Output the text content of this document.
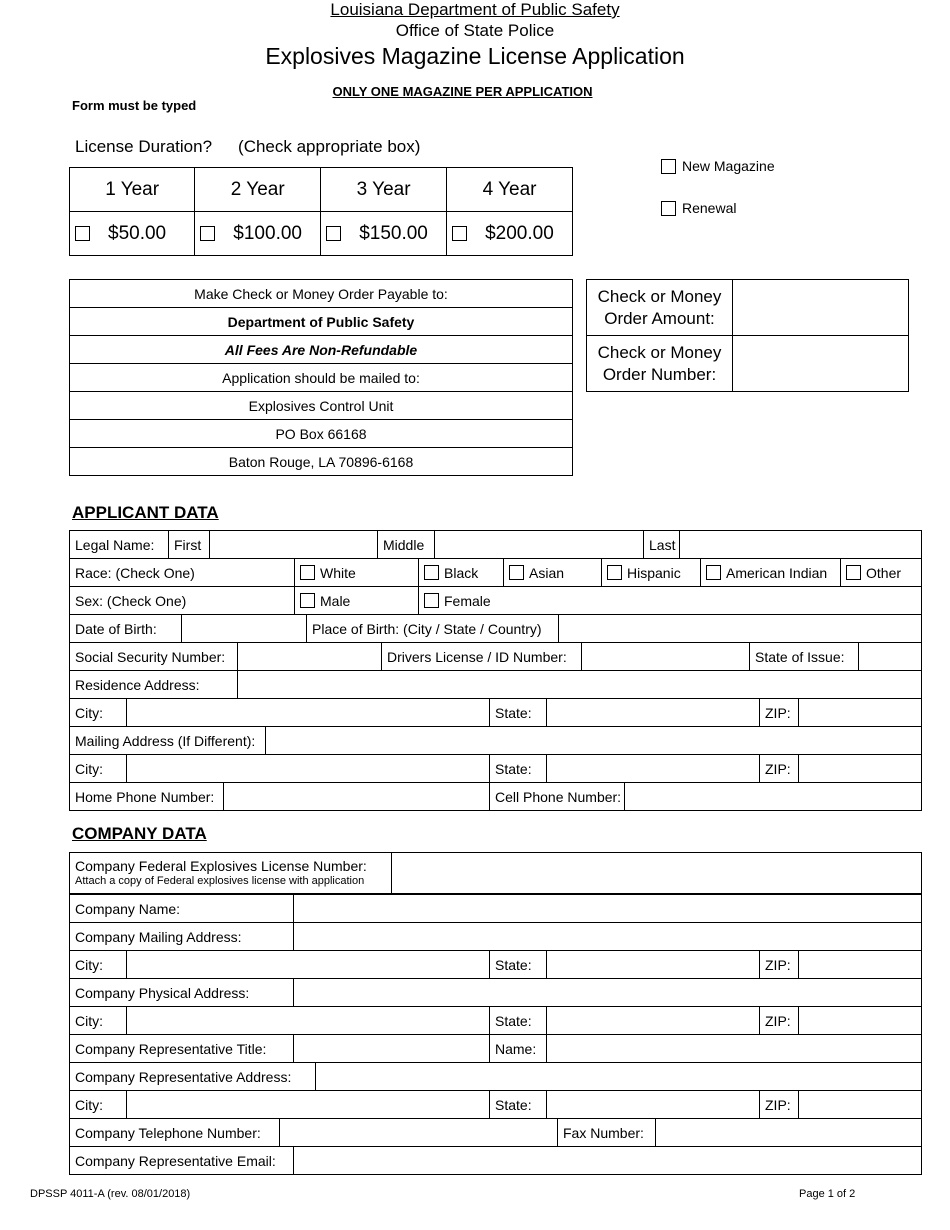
Louisiana Department of Public Safety
Office of State Police
Explosives Magazine License Application
ONLY ONE MAGAZINE PER APPLICATION
Form must be typed
License Duration? (Check appropriate box)
1 Year	2 Year	3 Year	4 Year

$50.00	$100.00	$150.00	$200.00
New Magazine
Renewal
Make Check or Money Order Payable to:
Department of Public Safety
All Fees Are Non-Refundable
Application should be mailed to:
Explosives Control Unit
PO Box 66168
Baton Rouge, LA 70896-6168
Check or Money Order Amount:	
Check or Money Order Number:	
APPLICANT DATA
Legal Name:	First		Middle		Last	
Race: (Check One)	White	Black	Asian	Hispanic	American Indian	Other
Sex: (Check One)	Male	Female
Date of Birth:		Place of Birth: (City / State / Country)	
Social Security Number:		Drivers License / ID Number:		State of Issue:	
Residence Address:	
City:		State:		ZIP:	
Mailing Address (If Different):	
City:		State:		ZIP:	
Home Phone Number:		Cell Phone Number:	
COMPANY DATA
Company Federal Explosives License Number:
Attach a copy of Federal explosives license with application

Company Name:	
Company Mailing Address:	
City:		State:		ZIP:	
Company Physical Address:	
City:		State:		ZIP:	
Company Representative Title:		Name:	
Company Representative Address:	
City:		State:		ZIP:	
Company Telephone Number:		Fax Number:	
Company Representative Email:	
DPSSP 4011-A (rev. 08/01/2018)	Page 1 of 2
